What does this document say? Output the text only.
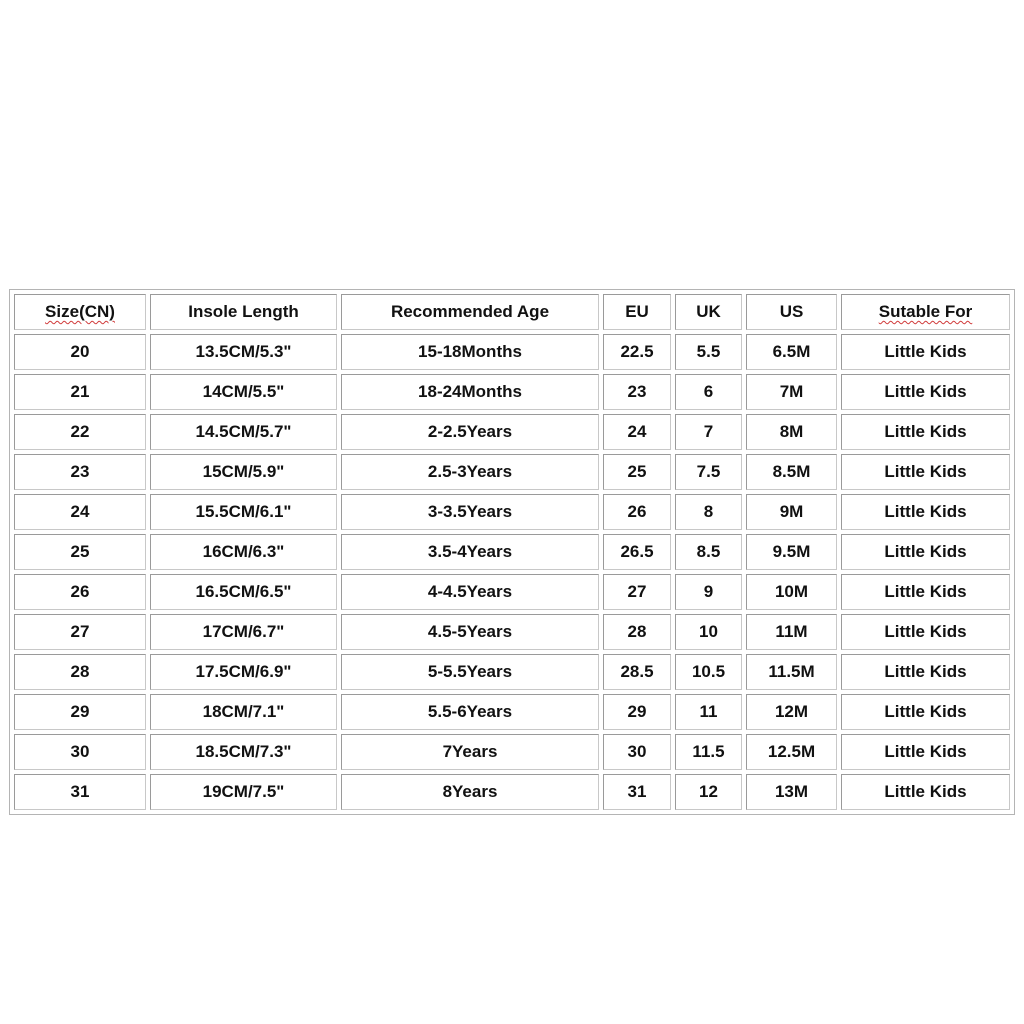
Size(CN)	Insole Length	Recommended Age	EU	UK	US	Sutable For
20	13.5CM/5.3"	15-18Months	22.5	5.5	6.5M	Little Kids
21	14CM/5.5"	18-24Months	23	6	7M	Little Kids
22	14.5CM/5.7"	2-2.5Years	24	7	8M	Little Kids
23	15CM/5.9"	2.5-3Years	25	7.5	8.5M	Little Kids
24	15.5CM/6.1"	3-3.5Years	26	8	9M	Little Kids
25	16CM/6.3"	3.5-4Years	26.5	8.5	9.5M	Little Kids
26	16.5CM/6.5"	4-4.5Years	27	9	10M	Little Kids
27	17CM/6.7"	4.5-5Years	28	10	11M	Little Kids
28	17.5CM/6.9"	5-5.5Years	28.5	10.5	11.5M	Little Kids
29	18CM/7.1"	5.5-6Years	29	11	12M	Little Kids
30	18.5CM/7.3"	7Years	30	11.5	12.5M	Little Kids
31	19CM/7.5"	8Years	31	12	13M	Little Kids
